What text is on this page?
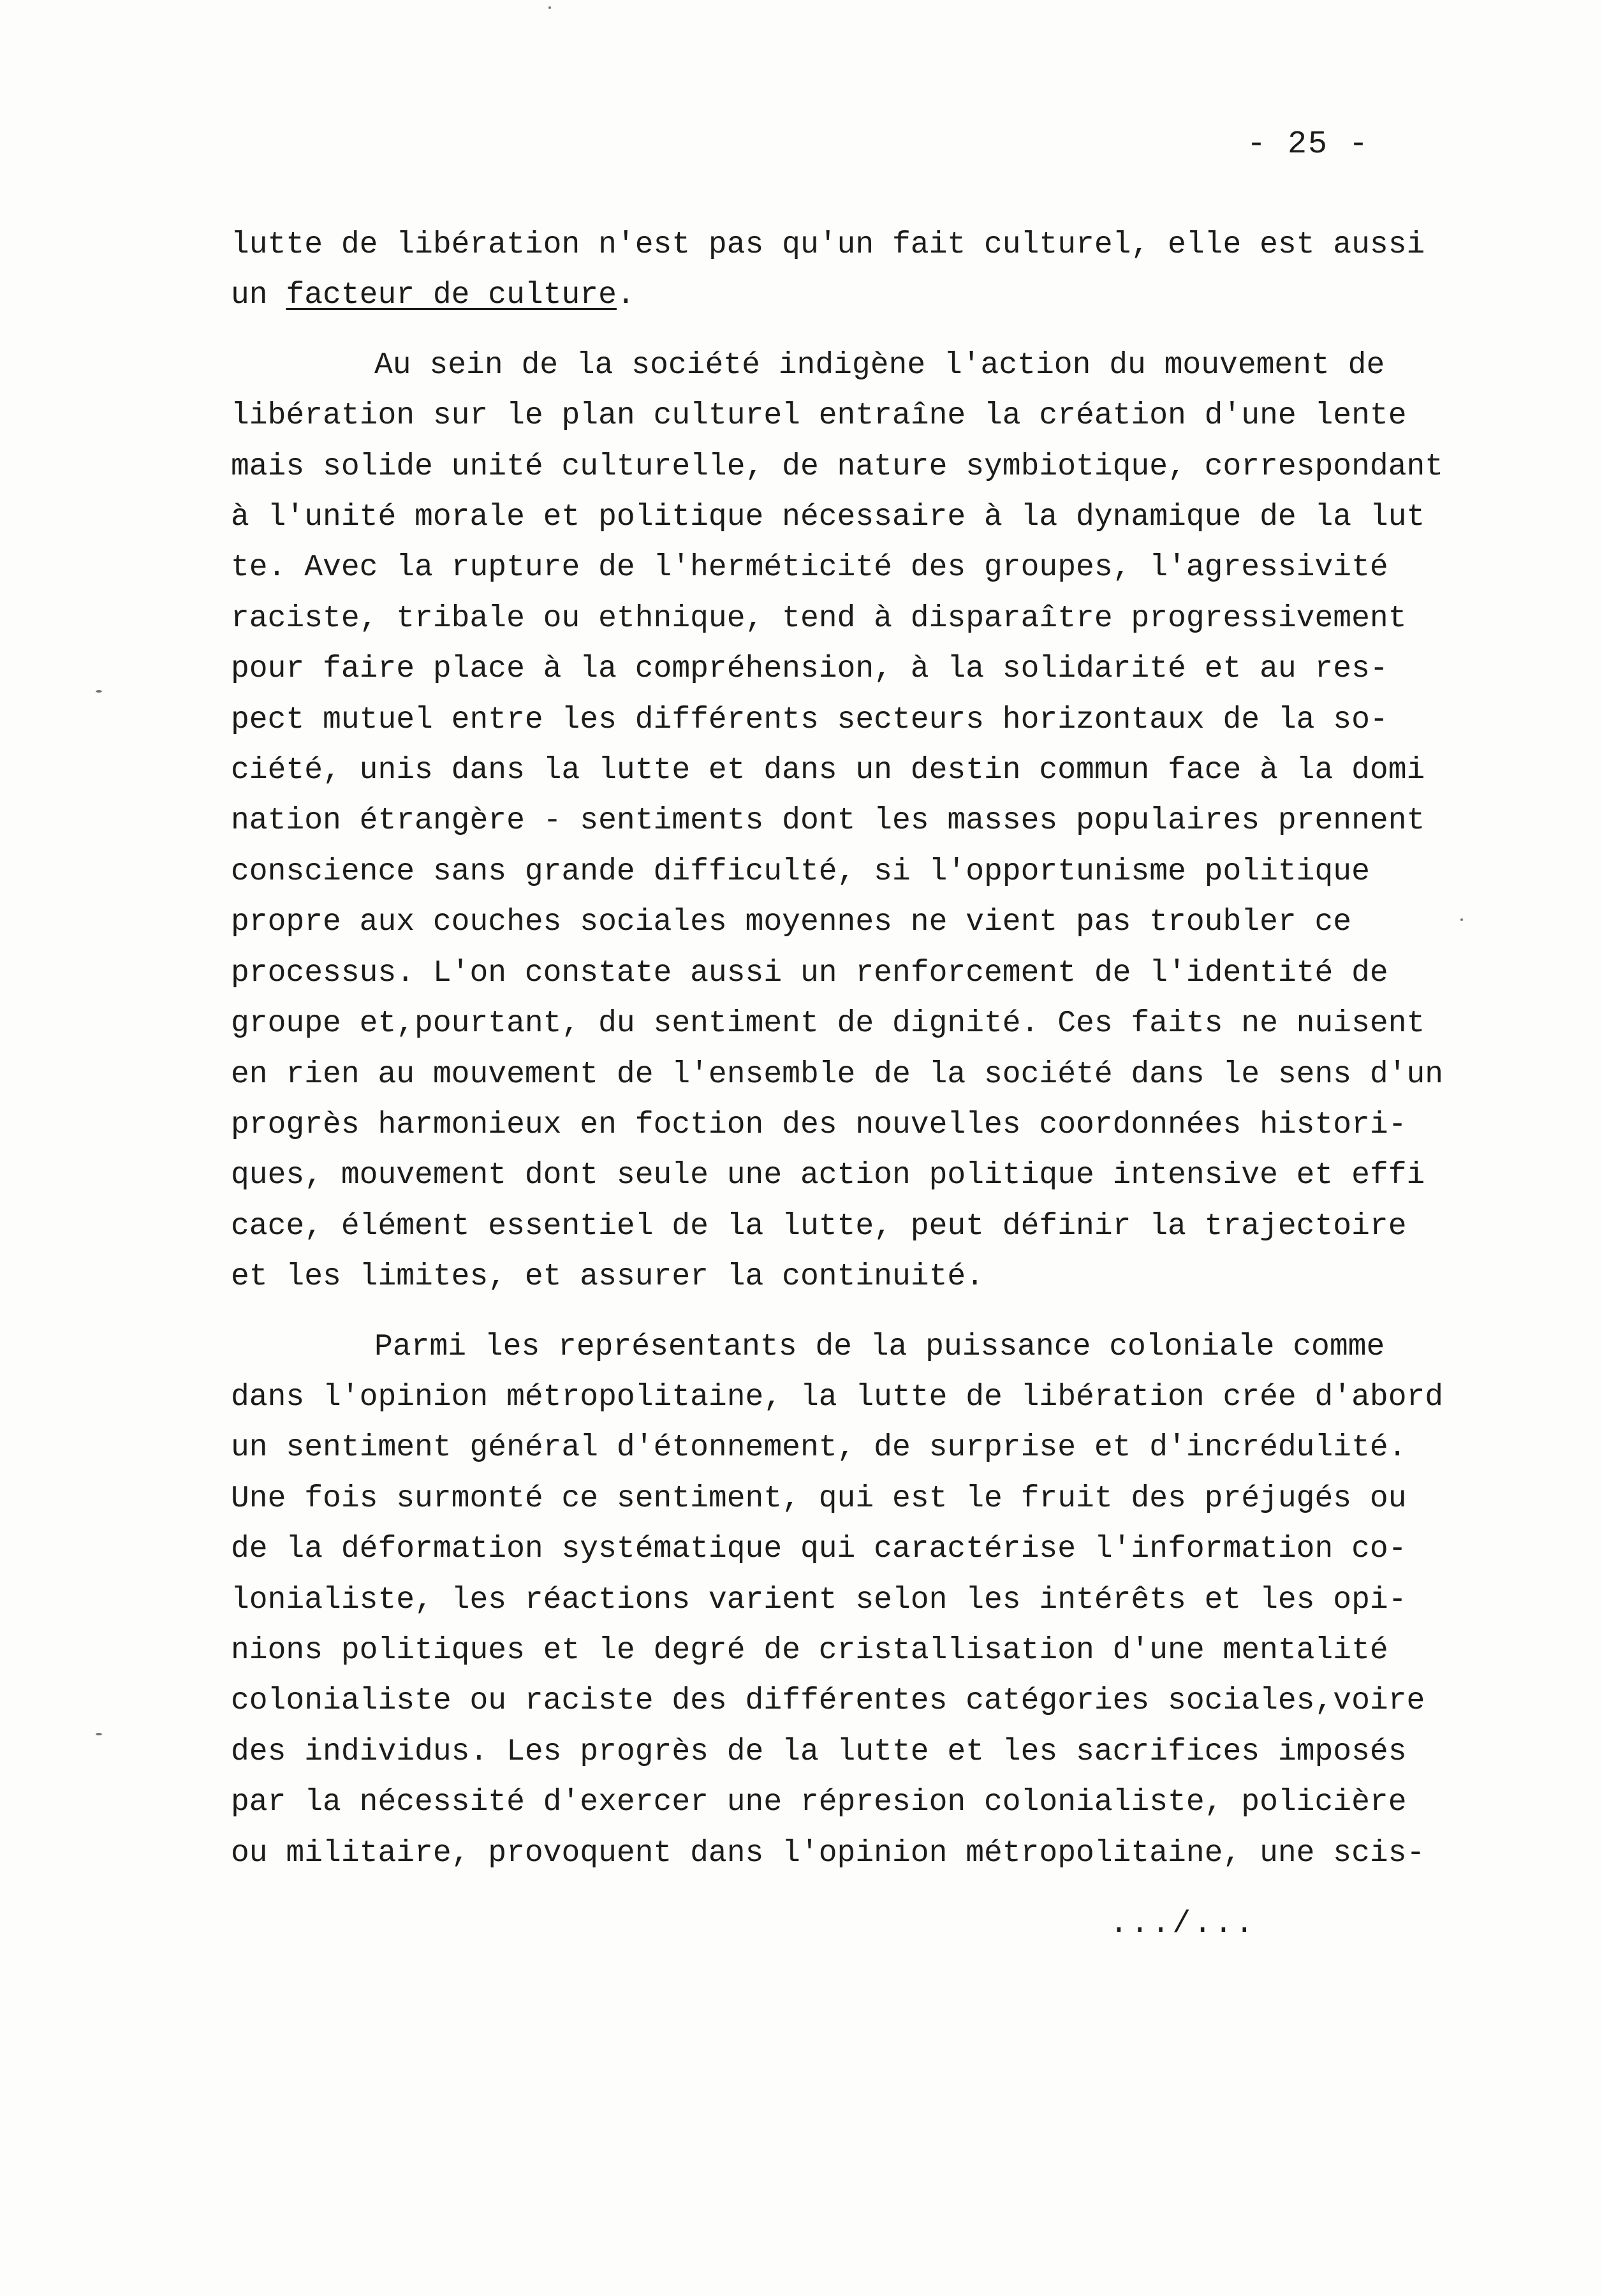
- 25 -
lutte de libération n'est pas qu'un fait culturel, elle est aussi
un facteur de culture.
Au sein de la société indigène l'action du mouvement de
libération sur le plan culturel entraîne la création d'une lente
mais solide unité culturelle, de nature symbiotique, correspondant
à l'unité morale et politique nécessaire à la dynamique de la lut
te. Avec la rupture de l'herméticité des groupes, l'agressivité
raciste, tribale ou ethnique, tend à disparaître progressivement
pour faire place à la compréhension, à la solidarité et au res-
pect mutuel entre les différents secteurs horizontaux de la so-
ciété, unis dans la lutte et dans un destin commun face à la domi
nation étrangère - sentiments dont les masses populaires prennent
conscience sans grande difficulté, si l'opportunisme politique
propre aux couches sociales moyennes ne vient pas troubler ce
processus. L'on constate aussi un renforcement de l'identité de
groupe et,pourtant, du sentiment de dignité. Ces faits ne nuisent
en rien au mouvement de l'ensemble de la société dans le sens d'un
progrès harmonieux en foction des nouvelles coordonnées histori-
ques, mouvement dont seule une action politique intensive et effi
cace, élément essentiel de la lutte, peut définir la trajectoire
et les limites, et assurer la continuité.
Parmi les représentants de la puissance coloniale comme
dans l'opinion métropolitaine, la lutte de libération crée d'abord
un sentiment général d'étonnement, de surprise et d'incrédulité.
Une fois surmonté ce sentiment, qui est le fruit des préjugés ou
de la déformation systématique qui caractérise l'information co-
lonialiste, les réactions varient selon les intérêts et les opi-
nions politiques et le degré de cristallisation d'une mentalité
colonialiste ou raciste des différentes catégories sociales,voire
des individus. Les progrès de la lutte et les sacrifices imposés
par la nécessité d'exercer une répresion colonialiste, policière
ou militaire, provoquent dans l'opinion métropolitaine, une scis-
.../...
